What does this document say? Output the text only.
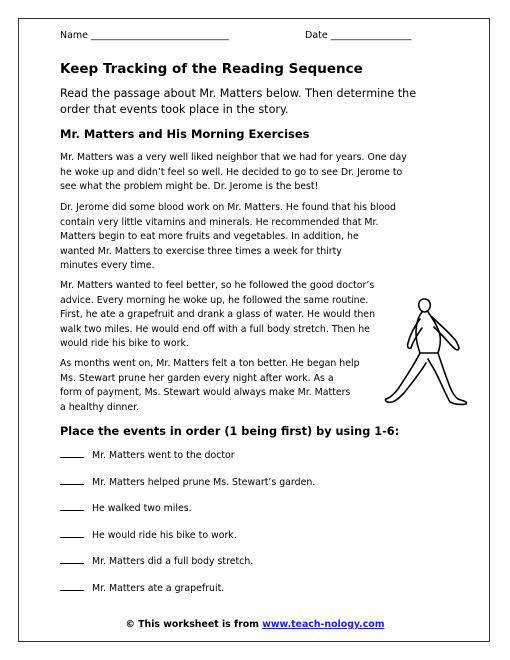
Name _____________________________	Date _________________
Keep Tracking of the Reading Sequence

Read the passage about Mr. Matters below. Then determine the
order that events took place in the story.

Mr. Matters and His Morning Exercises

Mr. Matters was a very well liked neighbor that we had for years. One day
he woke up and didn’t feel so well. He decided to go to see Dr. Jerome to
see what the problem might be. Dr. Jerome is the best!

Dr. Jerome did some blood work on Mr. Matters. He found that his blood
contain very little vitamins and minerals. He recommended that Mr.
Matters begin to eat more fruits and vegetables. In addition, he
wanted Mr. Matters to exercise three times a week for thirty
minutes every time.

Mr. Matters wanted to feel better, so he followed the good doctor’s
advice. Every morning he woke up, he followed the same routine.
First, he ate a grapefruit and drank a glass of water. He would then
walk two miles. He would end off with a full body stretch. Then he
would ride his bike to work.

As months went on, Mr. Matters felt a ton better. He began help
Ms. Stewart prune her garden every night after work. As a
form of payment, Ms. Stewart would always make Mr. Matters
a healthy dinner.

Place the events in order (1 being first) by using 1-6:
Mr. Matters went to the doctor
Mr. Matters helped prune Ms. Stewart’s garden.
He walked two miles.
He would ride his bike to work.
Mr. Matters did a full body stretch.
Mr. Matters ate a grapefruit.
© This worksheet is from www.teach-nology.com
